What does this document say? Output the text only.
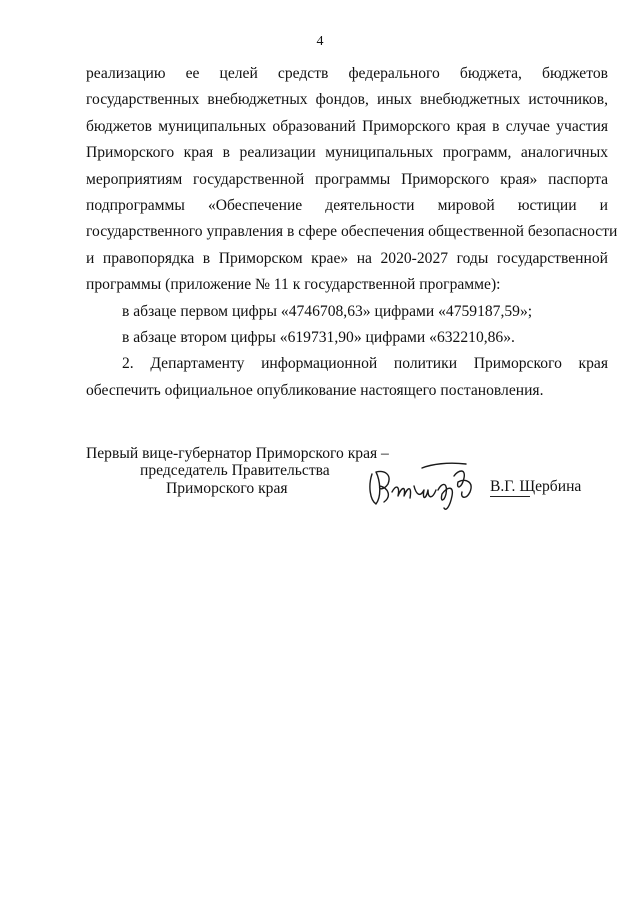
4

реализацию ее целей средств федерального бюджета, бюджетов
государственных внебюджетных фондов, иных внебюджетных источников,
бюджетов муниципальных образований Приморского края в случае участия
Приморского края в реализации муниципальных программ, аналогичных
мероприятиям государственной программы Приморского края» паспорта
подпрограммы «Обеспечение деятельности мировой юстиции и
государственного управления в сфере обеспечения общественной безопасности
и правопорядка в Приморском крае» на 2020-2027 годы государственной
программы (приложение № 11 к государственной программе):

в абзаце первом цифры «4746708,63» цифрами «4759187,59»;

в абзаце втором цифры «619731,90» цифрами «632210,86».

2. Департаменту информационной политики Приморского края
обеспечить официальное опубликование настоящего постановления.

Первый вице-губернатор Приморского края –
председатель Правительства
Приморского края	В.Г. Щербина
